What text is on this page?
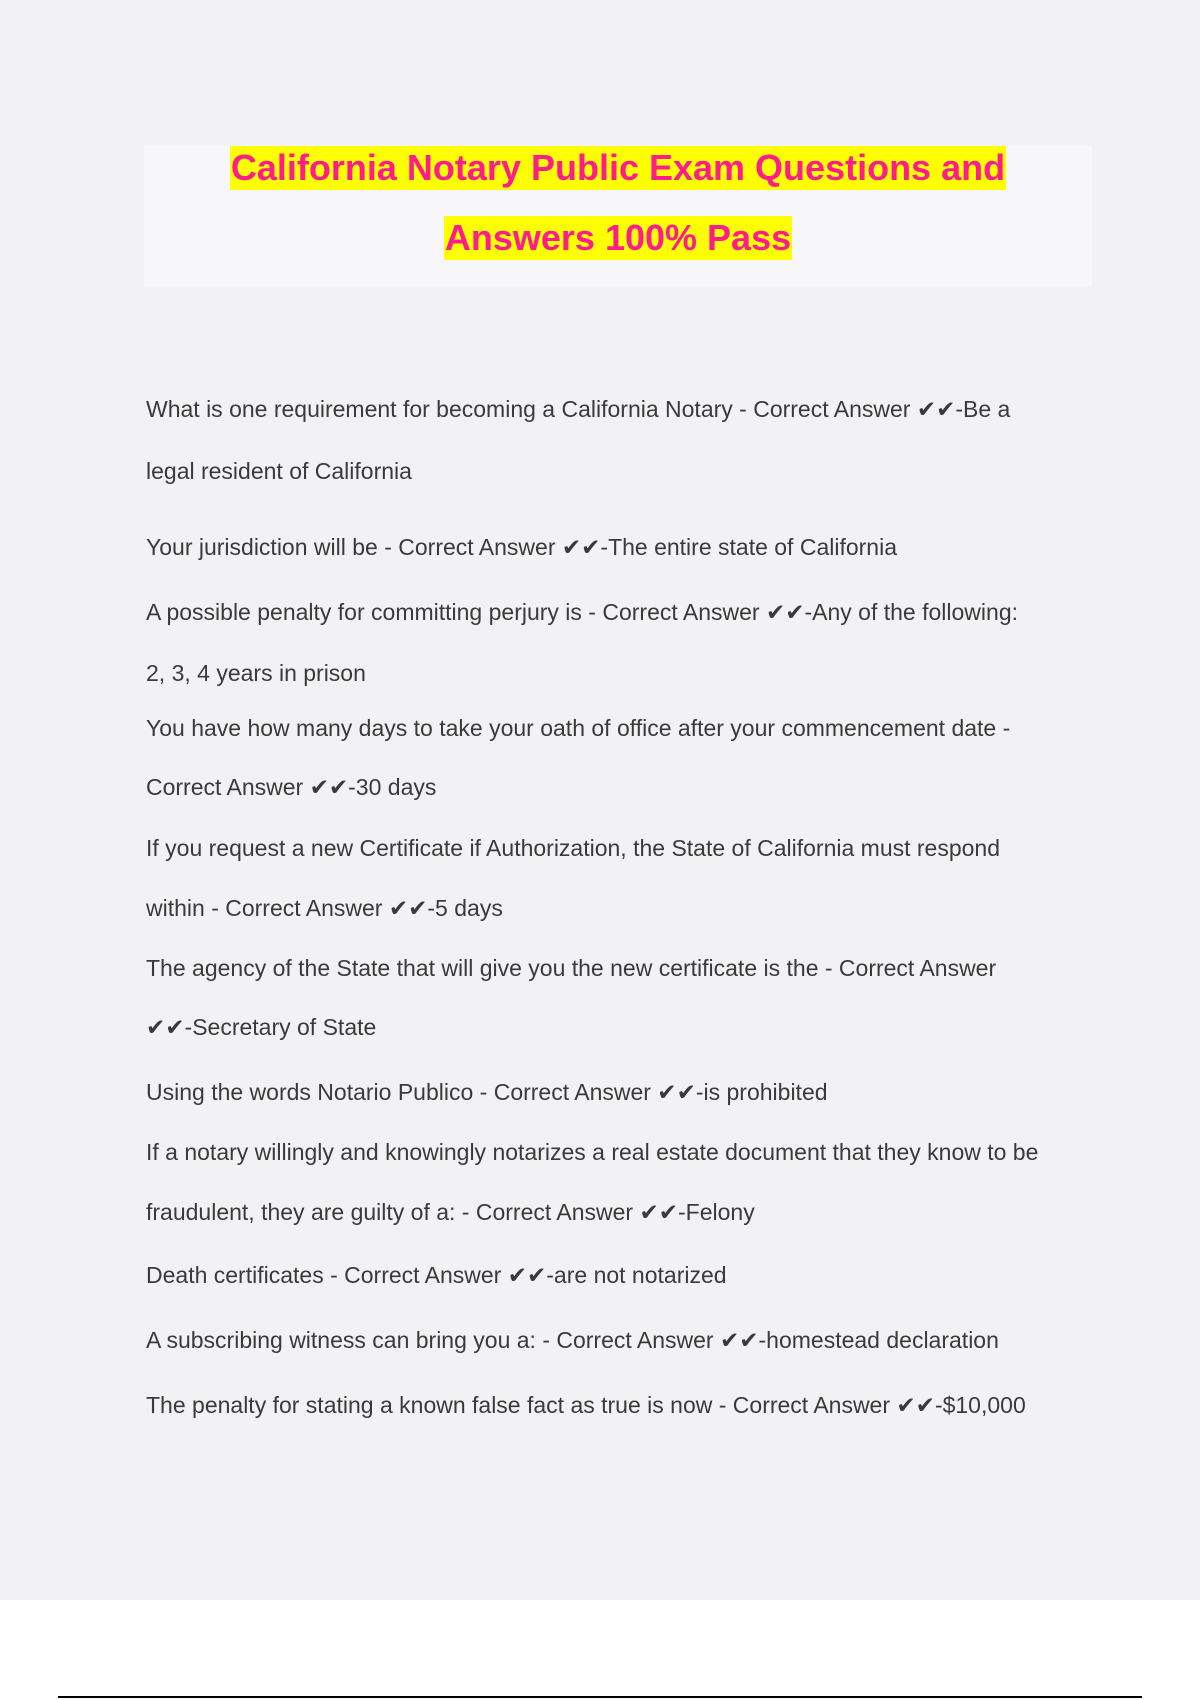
California Notary Public Exam Questions and
Answers 100% Pass

What is one requirement for becoming a California Notary - Correct Answer ✔✔-Be a

legal resident of California

Your jurisdiction will be - Correct Answer ✔✔-The entire state of California

A possible penalty for committing perjury is - Correct Answer ✔✔-Any of the following:

2, 3, 4 years in prison

You have how many days to take your oath of office after your commencement date -

Correct Answer ✔✔-30 days

If you request a new Certificate if Authorization, the State of California must respond

within - Correct Answer ✔✔-5 days

The agency of the State that will give you the new certificate is the - Correct Answer

✔✔-Secretary of State

Using the words Notario Publico - Correct Answer ✔✔-is prohibited

If a notary willingly and knowingly notarizes a real estate document that they know to be

fraudulent, they are guilty of a: - Correct Answer ✔✔-Felony

Death certificates - Correct Answer ✔✔-are not notarized

A subscribing witness can bring you a: - Correct Answer ✔✔-homestead declaration

The penalty for stating a known false fact as true is now - Correct Answer ✔✔-$10,000
